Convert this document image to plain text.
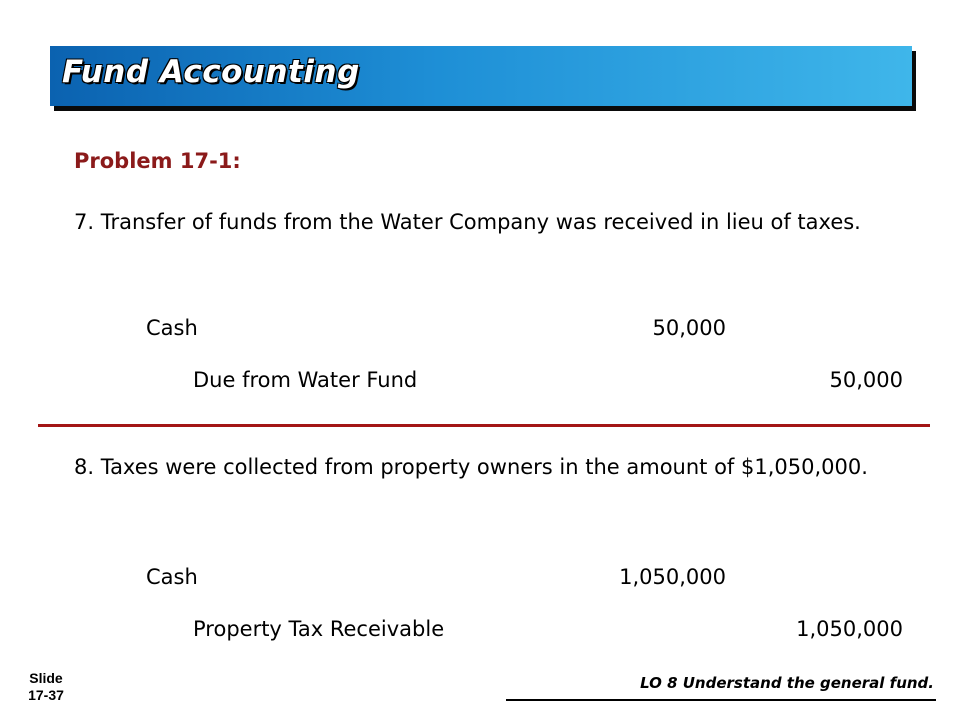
Fund Accounting
Problem 17-1:
7. Transfer of funds from the Water Company was received in lieu of taxes.
Cash	50,000
Due from Water Fund	50,000
8. Taxes were collected from property owners in the amount of $1,050,000.
Cash	1,050,000
Property Tax Receivable	1,050,000
Slide
17-37
LO 8 Understand the general fund.
